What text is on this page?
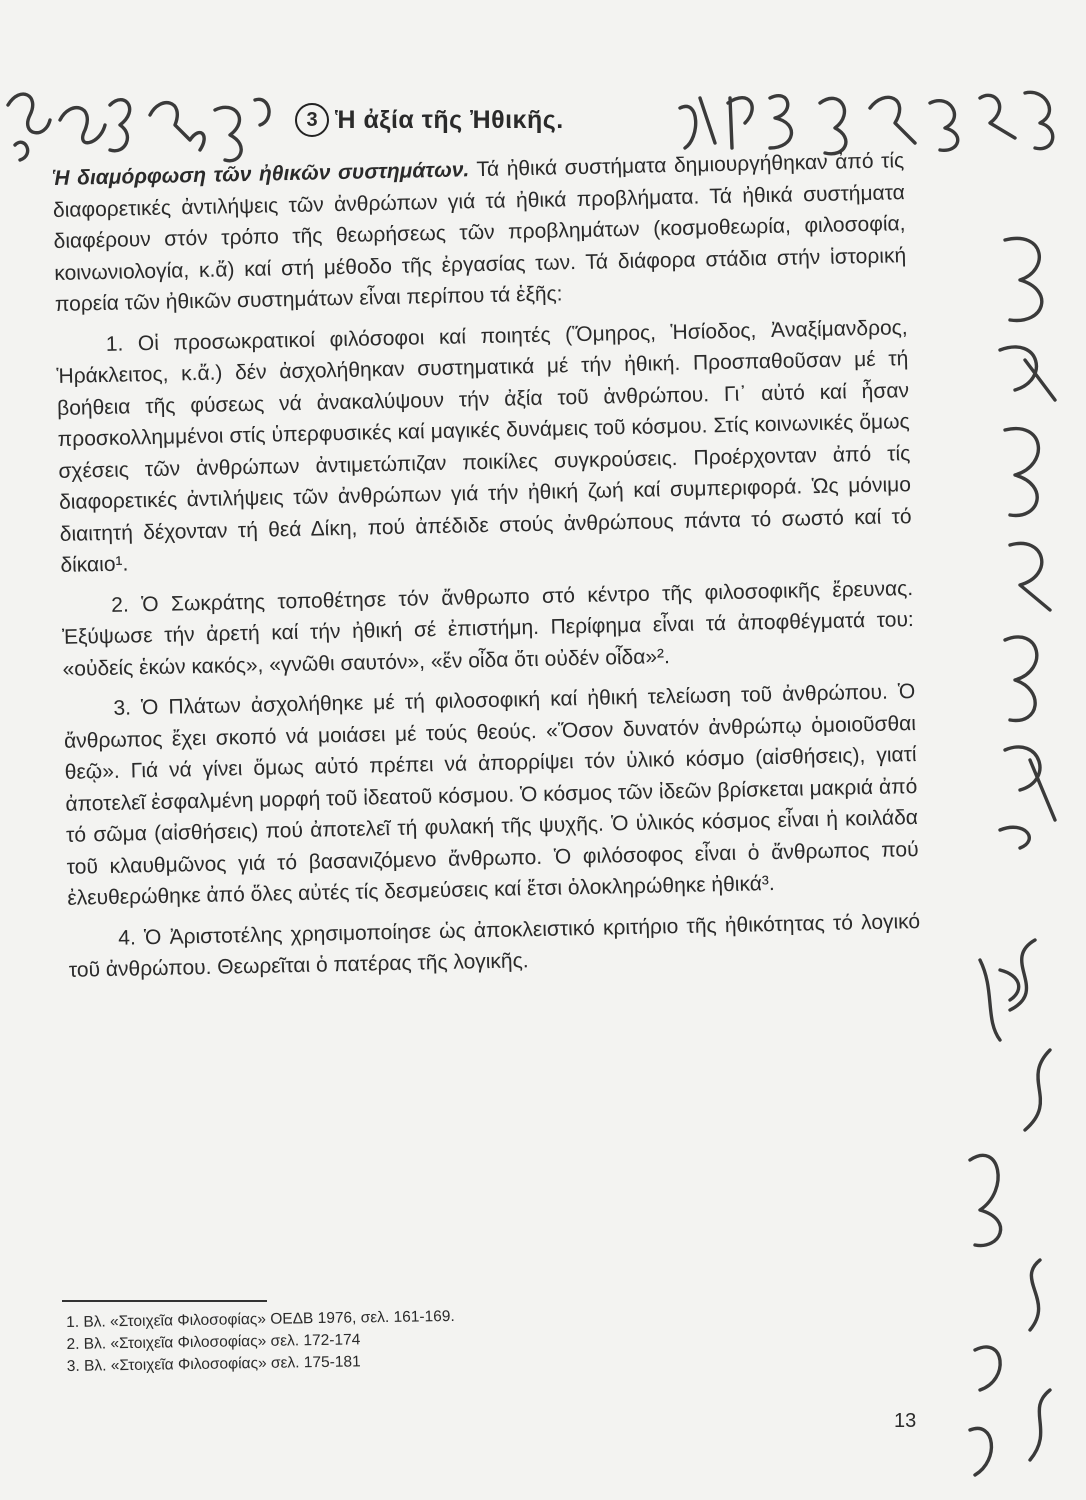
3 Ἡ ἀξία τῆς Ἠθικῆς.

Ἡ διαμόρφωση τῶν ἠθικῶν συστημάτων. Τά ἠθικά συστήματα δημιουργήθηκαν ἀπό τίς διαφορετικές ἀντιλήψεις τῶν ἀνθρώπων γιά τά ἠθικά προβλήματα. Τά ἠθικά συστήματα διαφέρουν στόν τρόπο τῆς θεωρήσεως τῶν προβλημάτων (κοσμοθεωρία, φιλοσοφία, κοινωνιολογία, κ.ἄ) καί στή μέθοδο τῆς ἐργασίας των. Τά διάφορα στάδια στήν ἱστορική πορεία τῶν ἠθικῶν συστημάτων εἶναι περίπου τά ἑξῆς:

1. Οἱ προσωκρατικοί φιλόσοφοι καί ποιητές (Ὅμηρος, Ἡσίοδος, Ἀναξίμανδρος, Ἡράκλειτος, κ.ἄ.) δέν ἀσχολήθηκαν συστηματικά μέ τήν ἠθική. Προσπαθοῦσαν μέ τή βοήθεια τῆς φύσεως νά ἀνακαλύψουν τήν ἀξία τοῦ ἀνθρώπου. Γι᾽ αὐτό καί ἦσαν προσκολλημμένοι στίς ὑπερφυσικές καί μαγικές δυνάμεις τοῦ κόσμου. Στίς κοινωνικές ὅμως σχέσεις τῶν ἀνθρώπων ἀντιμετώπιζαν ποικίλες συγκρούσεις. Προέρχονταν ἀπό τίς διαφορετικές ἀντιλήψεις τῶν ἀνθρώπων γιά τήν ἠθική ζωή καί συμπεριφορά. Ὡς μόνιμο διαιτητή δέχονταν τή θεά Δίκη, πού ἀπέδιδε στούς ἀνθρώπους πάντα τό σωστό καί τό δίκαιο¹.

2. Ὁ Σωκράτης τοποθέτησε τόν ἄνθρωπο στό κέντρο τῆς φιλοσοφικῆς ἔρευνας. Ἐξύψωσε τήν ἀρετή καί τήν ἠθική σέ ἐπιστήμη. Περίφημα εἶναι τά ἀποφθέγματά του: «οὐδείς ἑκών κακός», «γνῶθι σαυτόν», «ἕν οἶδα ὅτι οὐδέν οἶδα»².

3. Ὁ Πλάτων ἀσχολήθηκε μέ τή φιλοσοφική καί ἠθική τελείωση τοῦ ἀνθρώπου. Ὁ ἄνθρωπος ἔχει σκοπό νά μοιάσει μέ τούς θεούς. «Ὅσον δυνατόν ἀνθρώπῳ ὁμοιοῦσθαι θεῷ». Γιά νά γίνει ὅμως αὐτό πρέπει νά ἀπορρίψει τόν ὑλικό κόσμο (αἰσθήσεις), γιατί ἀποτελεῖ ἐσφαλμένη μορφή τοῦ ἰδεατοῦ κόσμου. Ὁ κόσμος τῶν ἰδεῶν βρίσκεται μακριά ἀπό τό σῶμα (αἰσθήσεις) πού ἀποτελεῖ τή φυλακή τῆς ψυχῆς. Ὁ ὑλικός κόσμος εἶναι ἡ κοιλάδα τοῦ κλαυθμῶνος γιά τό βασανιζόμενο ἄνθρωπο. Ὁ φιλόσοφος εἶναι ὁ ἄνθρωπος πού ἐλευθερώθηκε ἀπό ὅλες αὐτές τίς δεσμεύσεις καί ἔτσι ὁλοκληρώθηκε ἠθικά³.

4. Ὁ Ἀριστοτέλης χρησιμοποίησε ὡς ἀποκλειστικό κριτήριο τῆς ἠθικότητας τό λογικό τοῦ ἀνθρώπου. Θεωρεῖται ὁ πατέρας τῆς λογικῆς.

1. Βλ. «Στοιχεῖα Φιλοσοφίας» ΟΕΔΒ 1976, σελ. 161-169.
2. Βλ. «Στοιχεῖα Φιλοσοφίας» σελ. 172-174
3. Βλ. «Στοιχεῖα Φιλοσοφίας» σελ. 175-181
13
